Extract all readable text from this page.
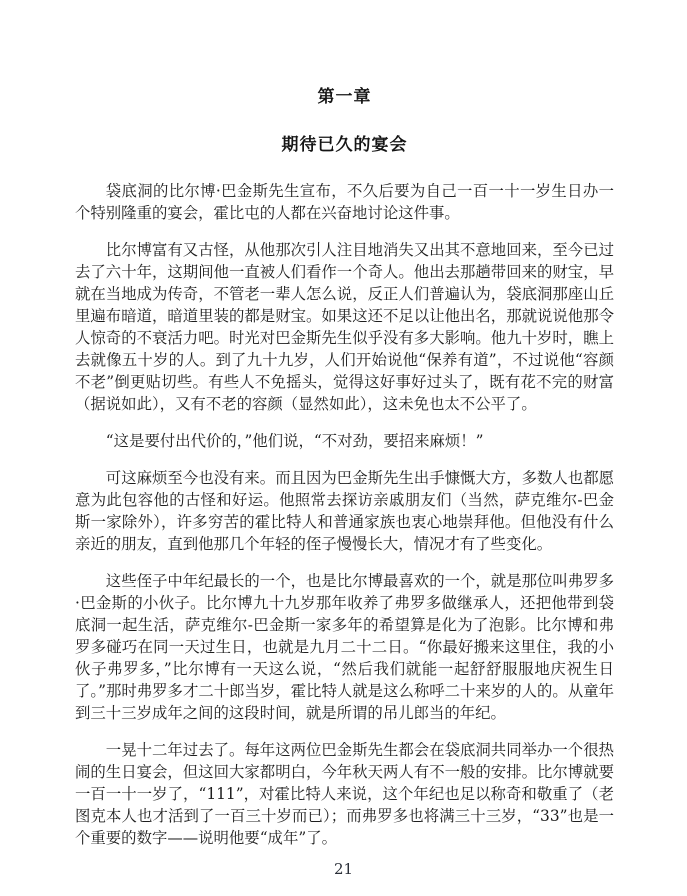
第一章
期待已久的宴会

袋底洞的比尔博·巴金斯先生宣布，不久后要为自己一百一十一岁生日办一个特别隆重的宴会，霍比屯的人都在兴奋地讨论这件事。

比尔博富有又古怪，从他那次引人注目地消失又出其不意地回来，至今已过去了六十年，这期间他一直被人们看作一个奇人。他出去那趟带回来的财宝，早就在当地成为传奇，不管老一辈人怎么说，反正人们普遍认为，袋底洞那座山丘里遍布暗道，暗道里装的都是财宝。如果这还不足以让他出名，那就说说他那令人惊奇的不衰活力吧。时光对巴金斯先生似乎没有多大影响。他九十岁时，瞧上去就像五十岁的人。到了九十九岁，人们开始说他“保养有道”，不过说他“容颜不老”倒更贴切些。有些人不免摇头，觉得这好事好过头了，既有花不完的财富（据说如此），又有不老的容颜（显然如此），这未免也太不公平了。

“这是要付出代价的，”他们说，“不对劲，要招来麻烦！”

可这麻烦至今也没有来。而且因为巴金斯先生出手慷慨大方，多数人也都愿意为此包容他的古怪和好运。他照常去探访亲戚朋友们（当然，萨克维尔-巴金斯一家除外），许多穷苦的霍比特人和普通家族也衷心地崇拜他。但他没有什么亲近的朋友，直到他那几个年轻的侄子慢慢长大，情况才有了些变化。

这些侄子中年纪最长的一个，也是比尔博最喜欢的一个，就是那位叫弗罗多·巴金斯的小伙子。比尔博九十九岁那年收养了弗罗多做继承人，还把他带到袋底洞一起生活，萨克维尔-巴金斯一家多年的希望算是化为了泡影。比尔博和弗罗多碰巧在同一天过生日，也就是九月二十二日。“你最好搬来这里住，我的小伙子弗罗多，”比尔博有一天这么说，“然后我们就能一起舒舒服服地庆祝生日了。”那时弗罗多才二十郎当岁，霍比特人就是这么称呼二十来岁的人的。从童年到三十三岁成年之间的这段时间，就是所谓的吊儿郎当的年纪。

一晃十二年过去了。每年这两位巴金斯先生都会在袋底洞共同举办一个很热闹的生日宴会，但这回大家都明白，今年秋天两人有不一般的安排。比尔博就要一百一十一岁了，“111”，对霍比特人来说，这个年纪也足以称奇和敬重了（老图克本人也才活到了一百三十岁而已）；而弗罗多也将满三十三岁，“33”也是一个重要的数字——说明他要“成年”了。

21
